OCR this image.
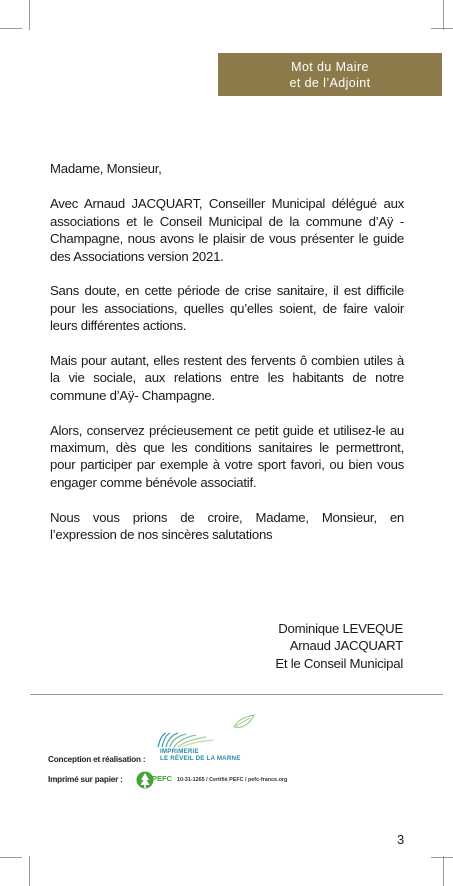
Mot du Maire
et de l’Adjoint

Madame, Monsieur,

Avec Arnaud JACQUART, Conseiller Municipal délégué aux associations et le Conseil Municipal de la commune d’Aÿ -Champagne, nous avons le plaisir de vous présenter le guide des Associations version 2021.

Sans doute, en cette période de crise sanitaire, il est difficile pour les associations, quelles qu’elles soient, de faire valoir leurs différentes actions.

Mais pour autant, elles restent des fervents ô combien utiles à la vie sociale, aux relations entre les habitants de notre commune d’Aÿ- Champagne.

Alors, conservez précieusement ce petit guide et utilisez-le au maximum, dès que les conditions sanitaires le permettront, pour participer par exemple à votre sport favori, ou bien vous engager comme bénévole associatif.

Nous vous prions de croire, Madame, Monsieur, en l’expression de nos sincères salutations

Dominique LEVEQUE
Arnaud JACQUART
Et le Conseil Municipal
Conception et réalisation :
IMPRIMERIE
LE RÉVEIL DE LA MARNE
Imprimé sur papier :	PEFC 10-31-1265 / Certifié PEFC / pefc-france.org
3
